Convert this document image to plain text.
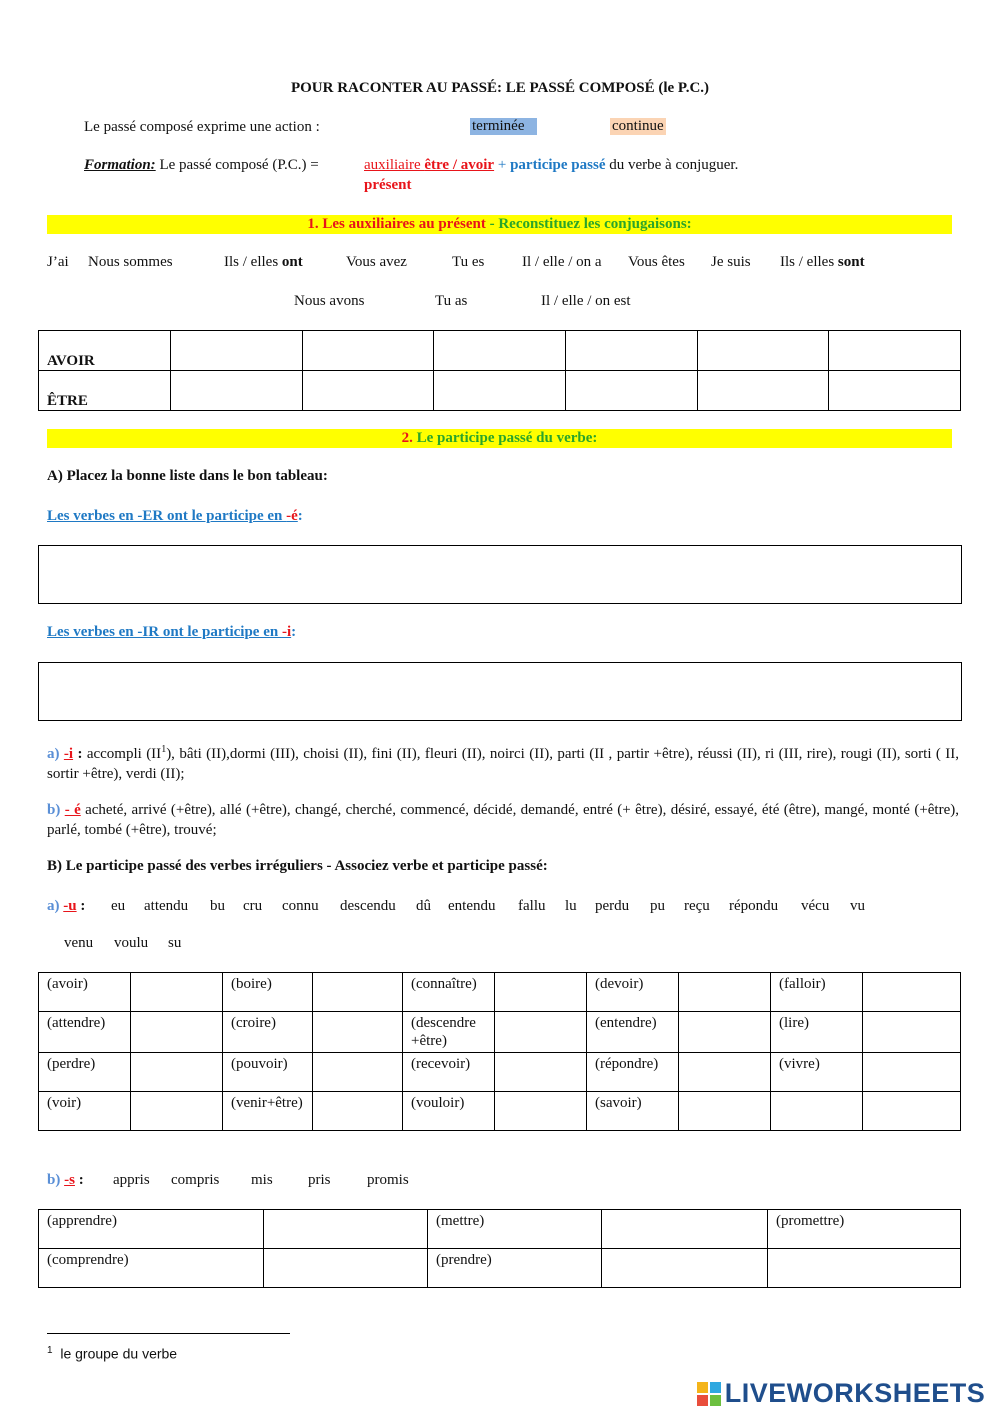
POUR RACONTER AU PASSÉ: LE PASSÉ COMPOSÉ (le P.C.)
Le passé composé exprime une action :	terminée	continue
Formation: Le passé composé (P.C.) =	auxiliaire être / avoir + participe passé du verbe à conjuguer.
présent
1. Les auxiliaires au présent - Reconstituez les conjugaisons:
J’ai Nous sommes	Ils / elles ont	Vous avez	Tu es	Il / elle / on a Vous êtes Je suis Ils / elles sont
Nous avons	Tu as	Il / elle / on est
AVOIR						
ÊTRE						
2. Le participe passé du verbe:
A) Placez la bonne liste dans le bon tableau:
Les verbes en -ER ont le participe en -é:
Les verbes en -IR ont le participe en -i:
a) -i : accompli $(II^1)$, bâti (II),dormi (III), choisi (II), fini (II), fleuri (II), noirci (II), parti (II , partir +être), réussi (II), ri (III, rire), rougi (II), sorti ( II, sortir +être), verdi (II);
b) - é acheté, arrivé (+être), allé (+être), changé, cherché, commencé, décidé, demandé, entré (+ être), désiré, essayé, été (être), mangé, monté (+être), parlé, tombé (+être), trouvé;
B) Le participe passé des verbes irréguliers - Associez verbe et participe passé:
a) -u : eu attendu bu cru connu descendu dû entendu fallu lu perdu pu reçu répondu vécu vu
venu voulu su
(avoir)		(boire)		(connaître)		(devoir)		(falloir)	
(attendre)		(croire)		(descendre +être)		(entendre)		(lire)	
(perdre)		(pouvoir)		(recevoir)		(répondre)		(vivre)	
(voir)		(venir+être)		(vouloir)		(savoir)			
b) -s : appris compris mis pris promis
(apprendre)		(mettre)		(promettre)
(comprendre)		(prendre)		
$^1$ le groupe du verbe
LIVEWORKSHEETS
